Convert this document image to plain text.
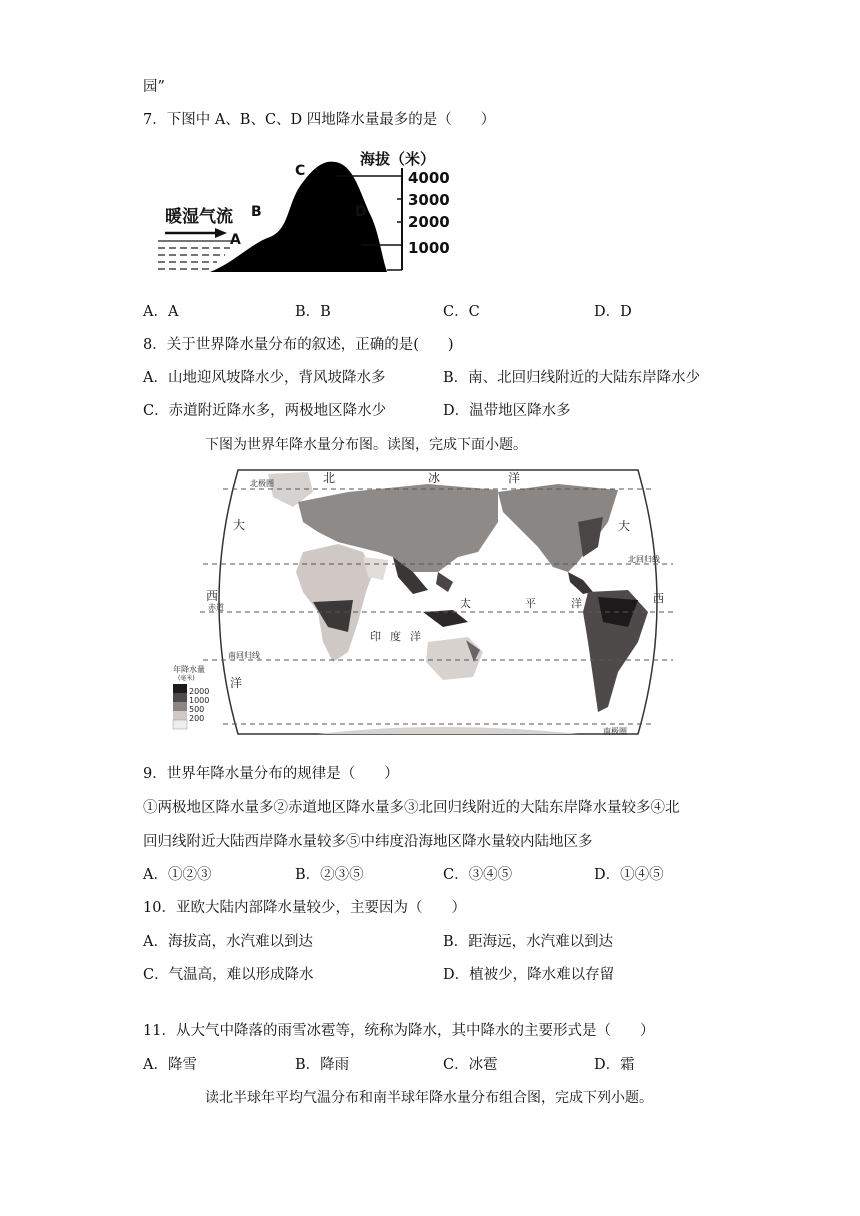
园”
7．下图中 A、B、C、D 四地降水量最多的是（　　）
海拔（米）
4000
3000
2000
1000
暖湿气流
A
B
C
D
A．A	B．B	C．C	D．D
8．关于世界降水量分布的叙述，正确的是(　　)
A．山地迎风坡降水少，背风坡降水多	B．南、北回归线附近的大陆东岸降水少
C．赤道附近降水多，两极地区降水少	D．温带地区降水多
下图为世界年降水量分布图。读图，完成下面小题。
北极圈
北回归线
赤道
南回归线
南极圈
北	冰	洋
大
西
洋
太	平	洋
印 度 洋
大
西
年降水量
(毫米)
2000
1000
500
200
9．世界年降水量分布的规律是（　　）
①两极地区降水量多②赤道地区降水量多③北回归线附近的大陆东岸降水量较多④北
回归线附近大陆西岸降水量较多⑤中纬度沿海地区降水量较内陆地区多
A．①②③	B．②③⑤	C．③④⑤	D．①④⑤
10．亚欧大陆内部降水量较少，主要因为（　　）
A．海拔高，水汽难以到达	B．距海远，水汽难以到达
C．气温高，难以形成降水	D．植被少，降水难以存留
11．从大气中降落的雨雪冰雹等，统称为降水，其中降水的主要形式是（　　）
A．降雪	B．降雨	C．冰雹	D．霜
读北半球年平均气温分布和南半球年降水量分布组合图，完成下列小题。
